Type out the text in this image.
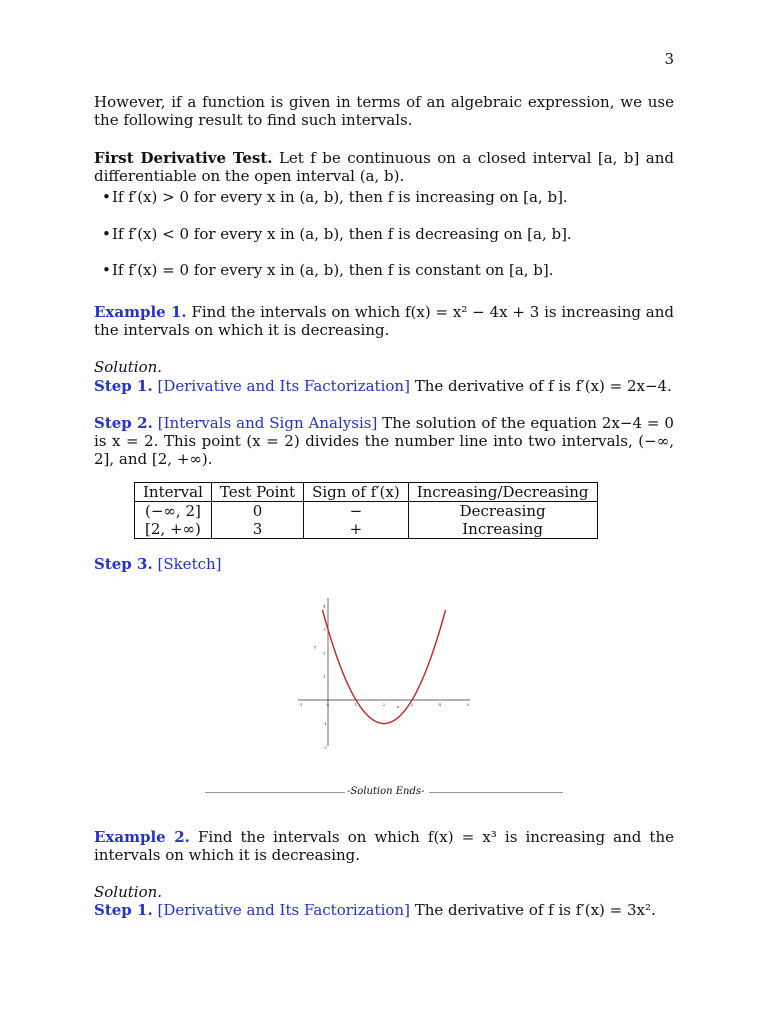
3
However, if a function is given in terms of an algebraic expression, we use the following result to find such intervals.
First Derivative Test. Let f be continuous on a closed interval [a, b] and differentiable on the open interval (a, b).
• If f′(x) > 0 for every x in (a, b), then f is increasing on [a, b].
• If f′(x) < 0 for every x in (a, b), then f is decreasing on [a, b].
• If f′(x) = 0 for every x in (a, b), then f is constant on [a, b].
Example 1. Find the intervals on which f(x) = x² − 4x + 3 is increasing and the intervals on which it is decreasing.
Solution.
Step 1. [Derivative and Its Factorization] The derivative of f is f′(x) = 2x−4.
Step 2. [Intervals and Sign Analysis] The solution of the equation 2x−4 = 0 is x = 2. This point (x = 2) divides the number line into two intervals, (−∞, 2], and [2, +∞).
Interval	Test Point	Sign of f′(x)	Increasing/Decreasing
(−∞, 2]	0	−	Decreasing
[2, +∞)	3	+	Increasing
Step 3. [Sketch]
-1	0	1	2	3	4	5
4
3
2
1
-1
-2
x
y
-Solution Ends-
Example 2. Find the intervals on which f(x) = x³ is increasing and the intervals on which it is decreasing.
Solution.
Step 1. [Derivative and Its Factorization] The derivative of f is f′(x) = 3x².
